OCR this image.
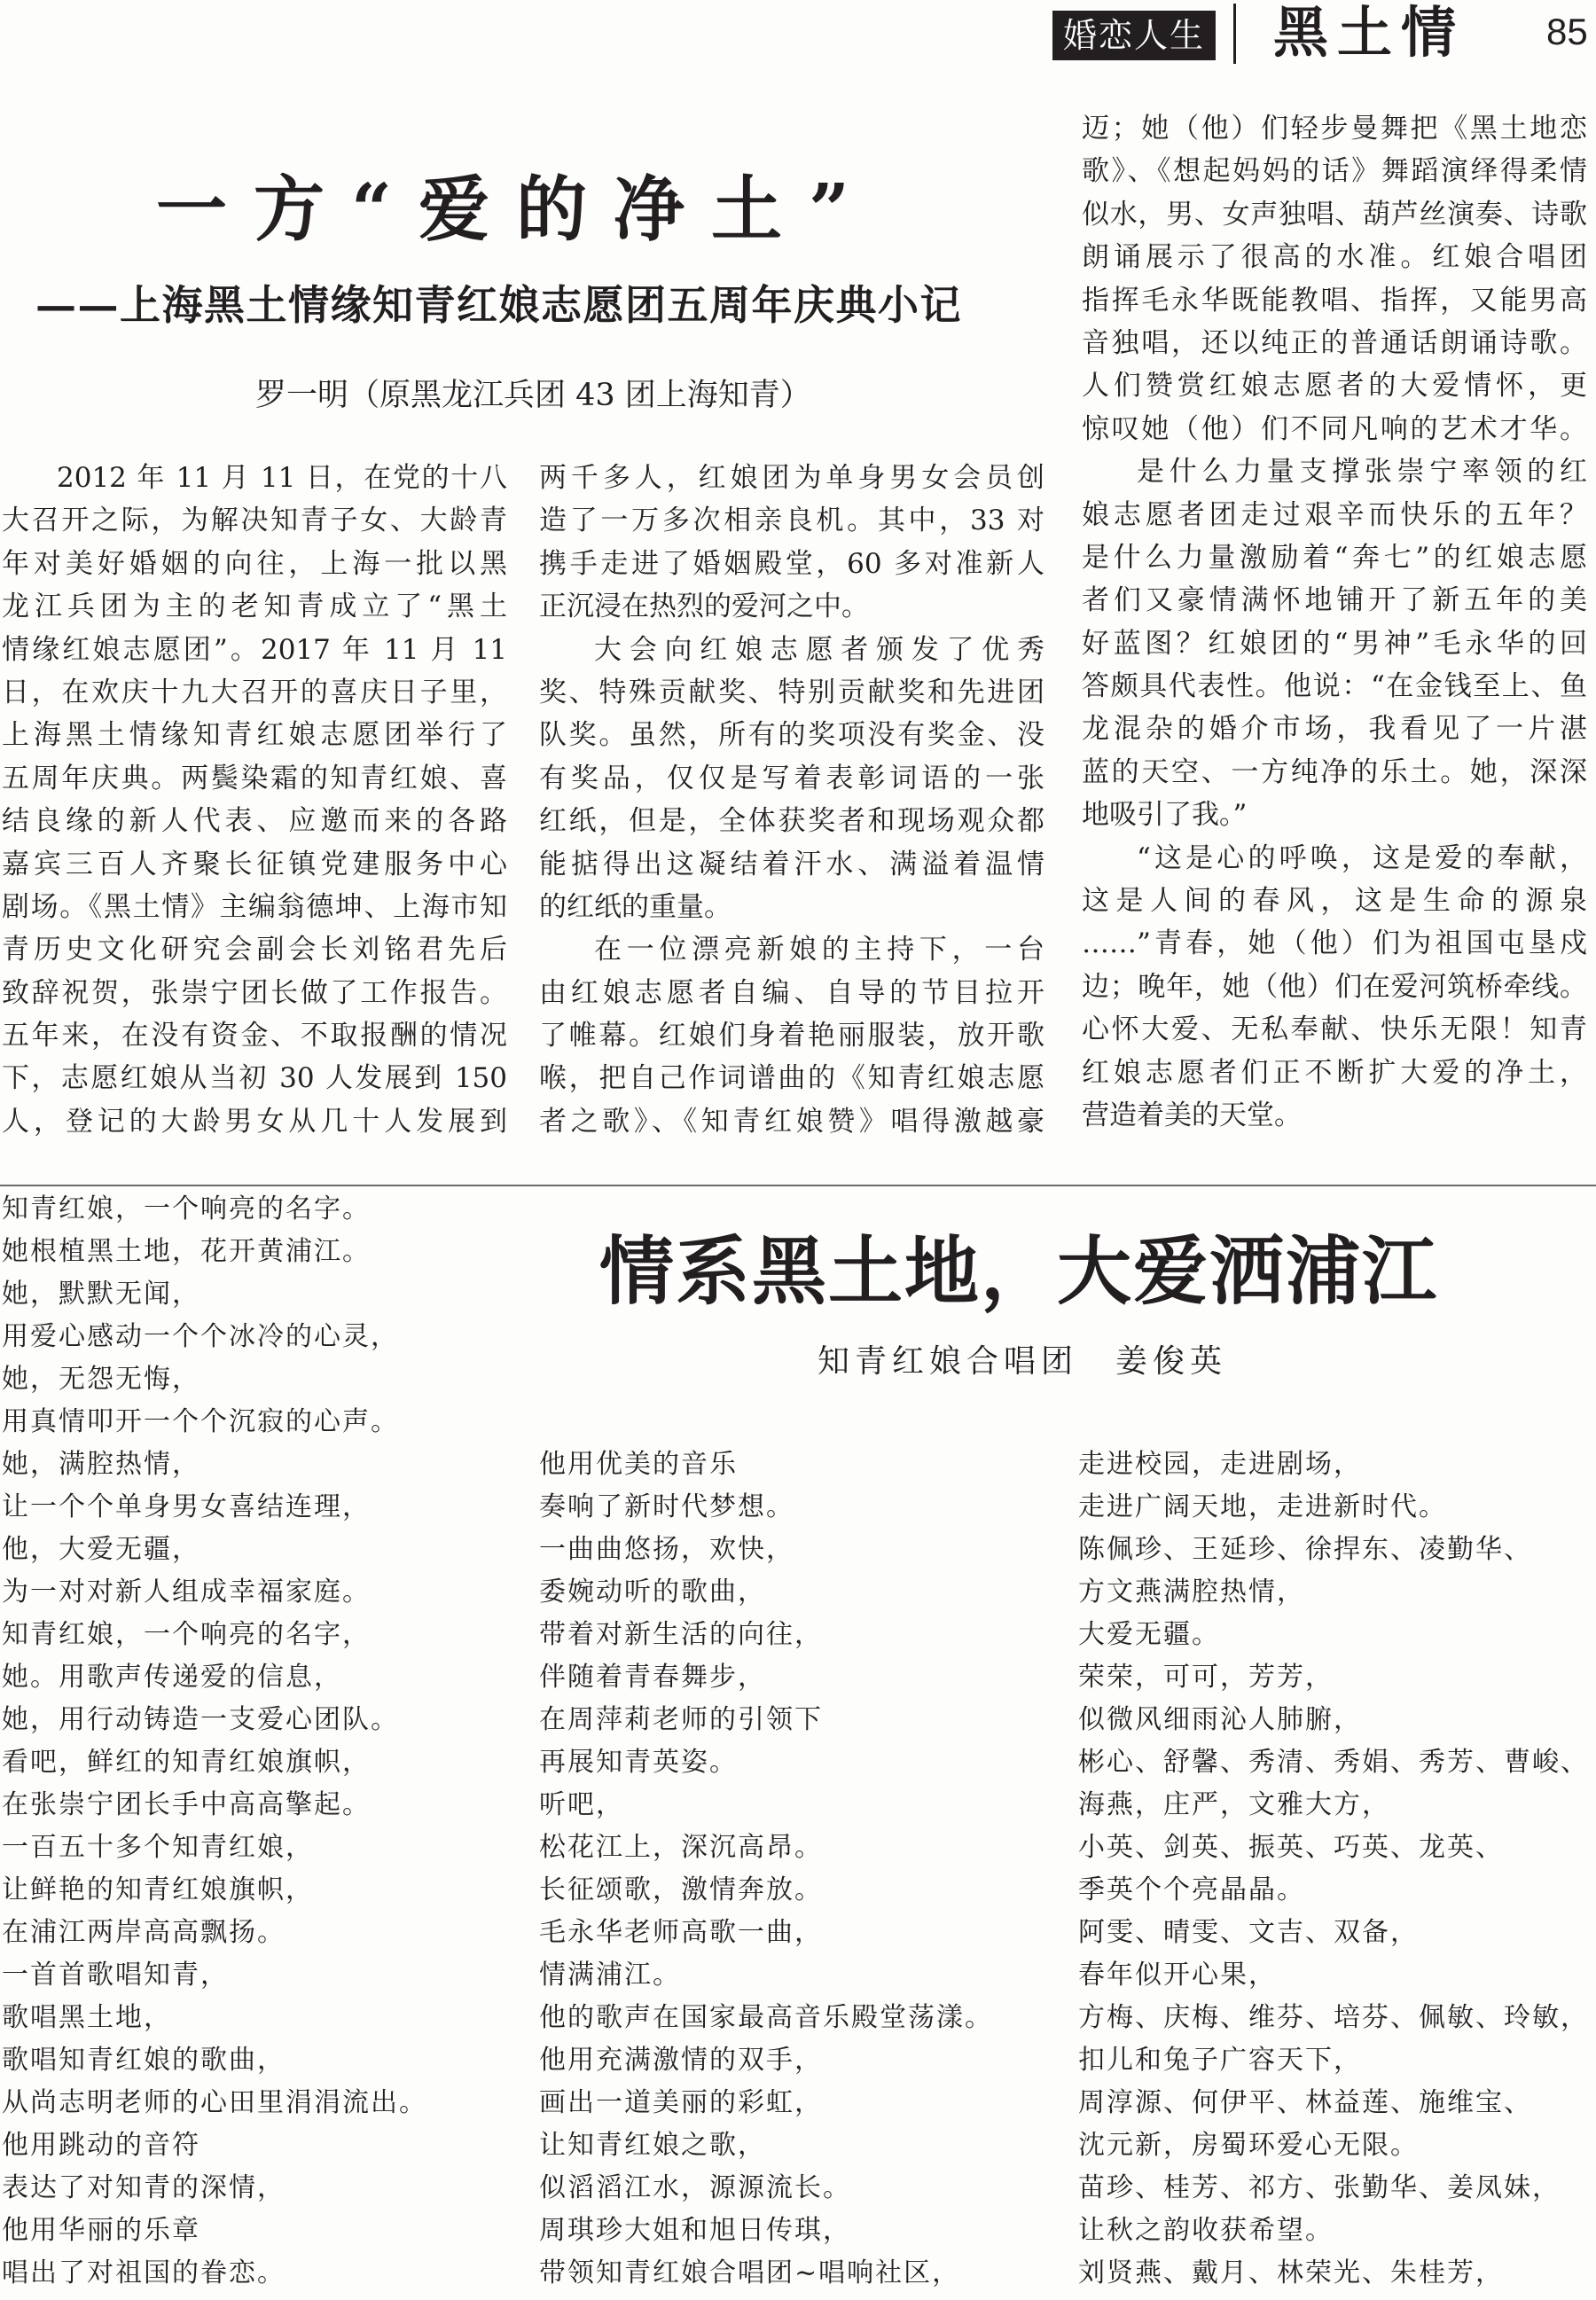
婚恋人生 黑土情 85
一方“爱的净土”
——上海黑土情缘知青红娘志愿团五周年庆典小记
罗一明（原黑龙江兵团 43 团上海知青）
2012 年 11 月 11 日，在党的十八
大召开之际，为解决知青子女、大龄青
年对美好婚姻的向往，上海一批以黑
龙江兵团为主的老知青成立了“黑土
情缘红娘志愿团”。2017 年 11 月 11
日，在欢庆十九大召开的喜庆日子里，
上海黑土情缘知青红娘志愿团举行了
五周年庆典。两鬓染霜的知青红娘、喜
结良缘的新人代表、应邀而来的各路
嘉宾三百人齐聚长征镇党建服务中心
剧场。《黑土情》主编翁德坤、上海市知
青历史文化研究会副会长刘铭君先后
致辞祝贺，张崇宁团长做了工作报告。
五年来，在没有资金、不取报酬的情况
下，志愿红娘从当初 30 人发展到 150
人，登记的大龄男女从几十人发展到
两千多人，红娘团为单身男女会员创
造了一万多次相亲良机。其中，33 对
携手走进了婚姻殿堂，60 多对准新人
正沉浸在热烈的爱河之中。
大会向红娘志愿者颁发了优秀
奖、特殊贡献奖、特别贡献奖和先进团
队奖。虽然，所有的奖项没有奖金、没
有奖品，仅仅是写着表彰词语的一张
红纸，但是，全体获奖者和现场观众都
能掂得出这凝结着汗水、满溢着温情
的红纸的重量。
在一位漂亮新娘的主持下，一台
由红娘志愿者自编、自导的节目拉开
了帷幕。红娘们身着艳丽服装，放开歌
喉，把自己作词谱曲的《知青红娘志愿
者之歌》、《知青红娘赞》唱得激越豪
迈；她（他）们轻步曼舞把《黑土地恋
歌》、《想起妈妈的话》舞蹈演绎得柔情
似水，男、女声独唱、葫芦丝演奏、诗歌
朗诵展示了很高的水准。红娘合唱团
指挥毛永华既能教唱、指挥，又能男高
音独唱，还以纯正的普通话朗诵诗歌。
人们赞赏红娘志愿者的大爱情怀，更
惊叹她（他）们不同凡响的艺术才华。
是什么力量支撑张崇宁率领的红
娘志愿者团走过艰辛而快乐的五年？
是什么力量激励着“奔七”的红娘志愿
者们又豪情满怀地铺开了新五年的美
好蓝图？红娘团的“男神”毛永华的回
答颇具代表性。他说：“在金钱至上、鱼
龙混杂的婚介市场，我看见了一片湛
蓝的天空、一方纯净的乐土。她，深深
地吸引了我。”
“这是心的呼唤，这是爱的奉献，
这是人间的春风，这是生命的源泉
……”青春，她（他）们为祖国屯垦戍
边；晚年，她（他）们在爱河筑桥牵线。
心怀大爱、无私奉献、快乐无限！知青
红娘志愿者们正不断扩大爱的净土，
营造着美的天堂。
情系黑土地，大爱洒浦江
知青红娘合唱团　姜俊英
知青红娘，一个响亮的名字。
她根植黑土地，花开黄浦江。
她，默默无闻，
用爱心感动一个个冰冷的心灵，
她，无怨无悔，
用真情叩开一个个沉寂的心声。
她，满腔热情，
让一个个单身男女喜结连理，
他，大爱无疆，
为一对对新人组成幸福家庭。
知青红娘，一个响亮的名字，
她。用歌声传递爱的信息，
她，用行动铸造一支爱心团队。
看吧，鲜红的知青红娘旗帜，
在张崇宁团长手中高高擎起。
一百五十多个知青红娘，
让鲜艳的知青红娘旗帜，
在浦江两岸高高飘扬。
一首首歌唱知青，
歌唱黑土地，
歌唱知青红娘的歌曲，
从尚志明老师的心田里涓涓流出。
他用跳动的音符
表达了对知青的深情，
他用华丽的乐章
唱出了对祖国的眷恋。
他用优美的音乐
奏响了新时代梦想。
一曲曲悠扬，欢快，
委婉动听的歌曲，
带着对新生活的向往，
伴随着青春舞步，
在周萍莉老师的引领下
再展知青英姿。
听吧，
松花江上，深沉高昂。
长征颂歌，激情奔放。
毛永华老师高歌一曲，
情满浦江。
他的歌声在国家最高音乐殿堂荡漾。
他用充满激情的双手，
画出一道美丽的彩虹，
让知青红娘之歌，
似滔滔江水，源源流长。
周琪珍大姐和旭日传琪，
带领知青红娘合唱团~唱响社区，
走进校园，走进剧场，
走进广阔天地，走进新时代。
陈佩珍、王延珍、徐捍东、凌勤华、
方文燕满腔热情，
大爱无疆。
荣荣，可可，芳芳，
似微风细雨沁人肺腑，
彬心、舒馨、秀清、秀娟、秀芳、曹峻、
海燕，庄严，文雅大方，
小英、剑英、振英、巧英、龙英、
季英个个亮晶晶。
阿雯、晴雯、文吉、双备，
春年似开心果，
方梅、庆梅、维芬、培芬、佩敏、玲敏，
扣儿和兔子广容天下，
周淳源、何伊平、林益莲、施维宝、
沈元新，房蜀环爱心无限。
苗珍、桂芳、祁方、张勤华、姜凤妹，
让秋之韵收获希望。
刘贤燕、戴月、林荣光、朱桂芳，
